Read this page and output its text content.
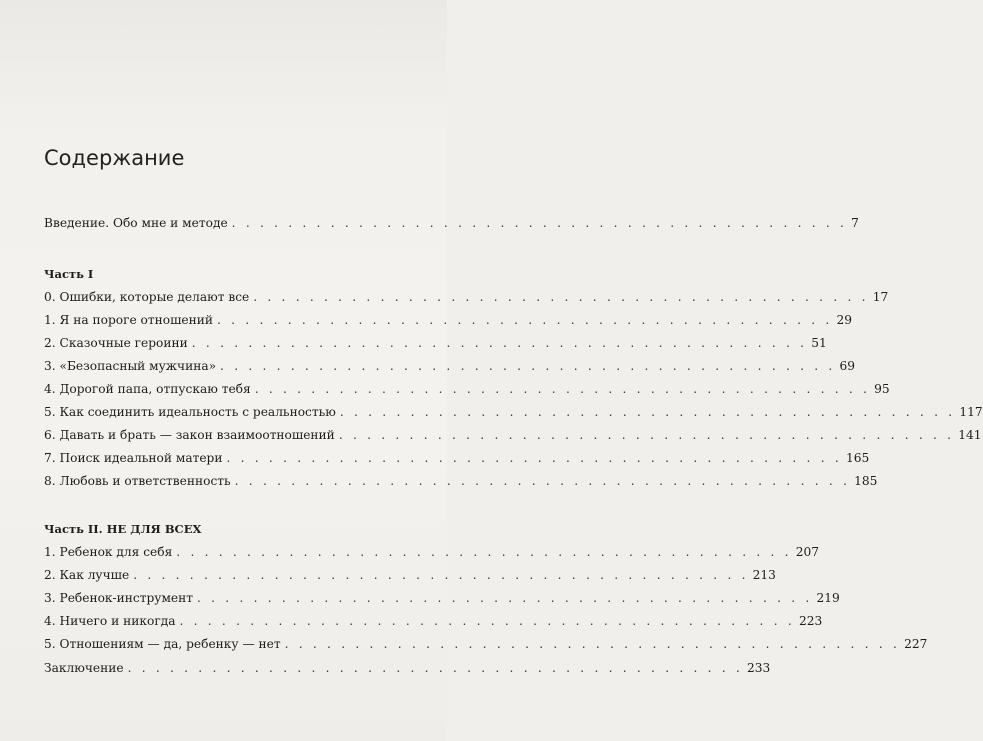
Содержание
Введение. Обо мне и методе . . . . . . . . . . . . . . . . . . . . . . . . . . . . . . . . . . . . . . . . . . . . 7
Часть I
0. Ошибки, которые делают все . . . . . . . . . . . . . . . . . . . . . . . . . . . . . . . . . . . . . . . . . . . . 17
1. Я на пороге отношений . . . . . . . . . . . . . . . . . . . . . . . . . . . . . . . . . . . . . . . . . . . . 29
2. Сказочные героини . . . . . . . . . . . . . . . . . . . . . . . . . . . . . . . . . . . . . . . . . . . . 51
3. «Безопасный мужчина» . . . . . . . . . . . . . . . . . . . . . . . . . . . . . . . . . . . . . . . . . . . . 69
4. Дорогой папа, отпускаю тебя . . . . . . . . . . . . . . . . . . . . . . . . . . . . . . . . . . . . . . . . . . . . 95
5. Как соединить идеальность с реальностью . . . . . . . . . . . . . . . . . . . . . . . . . . . . . . . . . . . . . . . . . . . . 117
6. Давать и брать — закон взаимоотношений . . . . . . . . . . . . . . . . . . . . . . . . . . . . . . . . . . . . . . . . . . . . 141
7. Поиск идеальной матери . . . . . . . . . . . . . . . . . . . . . . . . . . . . . . . . . . . . . . . . . . . . 165
8. Любовь и ответственность . . . . . . . . . . . . . . . . . . . . . . . . . . . . . . . . . . . . . . . . . . . . 185
Часть II. НЕ ДЛЯ ВСЕХ
1. Ребенок для себя . . . . . . . . . . . . . . . . . . . . . . . . . . . . . . . . . . . . . . . . . . . . 207
2. Как лучше . . . . . . . . . . . . . . . . . . . . . . . . . . . . . . . . . . . . . . . . . . . . 213
3. Ребенок-инструмент . . . . . . . . . . . . . . . . . . . . . . . . . . . . . . . . . . . . . . . . . . . . 219
4. Ничего и никогда . . . . . . . . . . . . . . . . . . . . . . . . . . . . . . . . . . . . . . . . . . . . 223
5. Отношениям — да, ребенку — нет . . . . . . . . . . . . . . . . . . . . . . . . . . . . . . . . . . . . . . . . . . . . 227
Заключение . . . . . . . . . . . . . . . . . . . . . . . . . . . . . . . . . . . . . . . . . . . . 233
